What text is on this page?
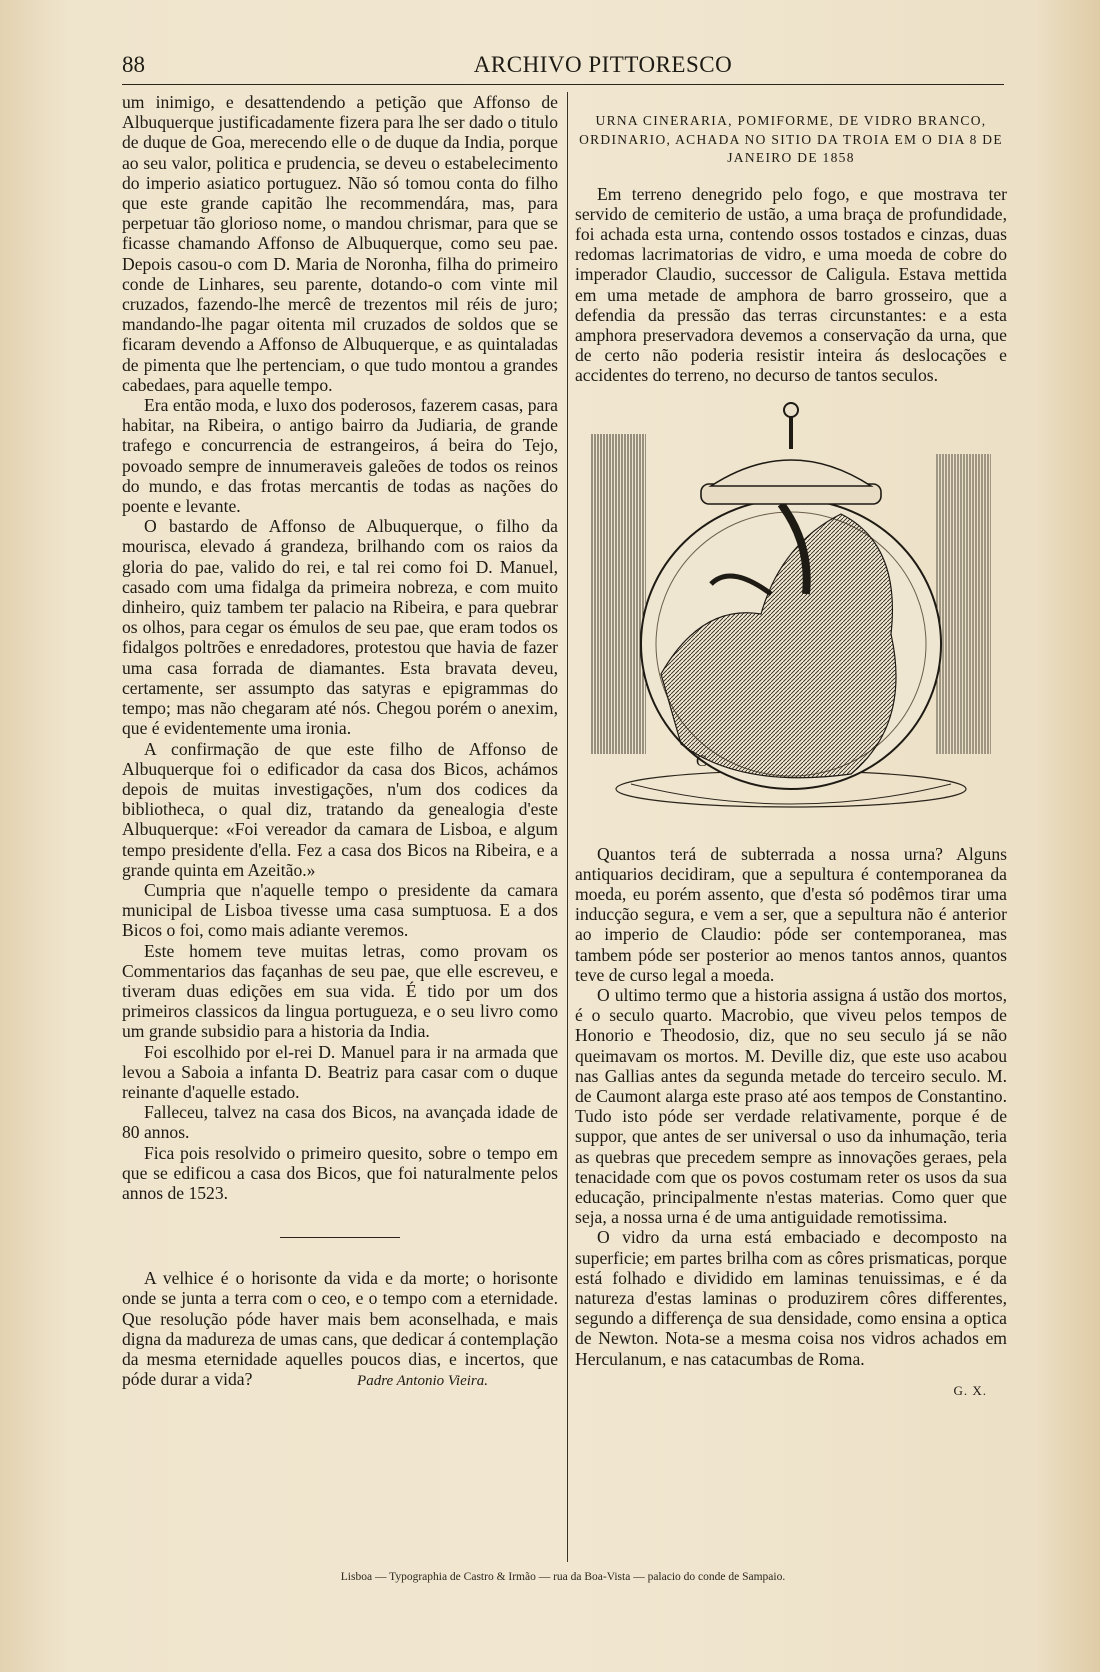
88	ARCHIVO PITTORESCO

um inimigo, e desattendendo a petição que Affonso de Albuquerque justificadamente fizera para lhe ser dado o titulo de duque de Goa, merecendo elle o de duque da India, porque ao seu valor, politica e prudencia, se deveu o estabelecimento do imperio asiatico portuguez. Não só tomou conta do filho que este grande capitão lhe recommendára, mas, para perpetuar tão glorioso nome, o mandou chrismar, para que se ficasse chamando Affonso de Albuquerque, como seu pae. Depois casou-o com D. Maria de Noronha, filha do primeiro conde de Linhares, seu parente, dotando-o com vinte mil cruzados, fazendo-lhe mercê de trezentos mil réis de juro; mandando-lhe pagar oitenta mil cruzados de soldos que se ficaram devendo a Affonso de Albuquerque, e as quintaladas de pimenta que lhe pertenciam, o que tudo montou a grandes cabedaes, para aquelle tempo.

Era então moda, e luxo dos poderosos, fazerem casas, para habitar, na Ribeira, o antigo bairro da Judiaria, de grande trafego e concurrencia de estrangeiros, á beira do Tejo, povoado sempre de innumeraveis galeões de todos os reinos do mundo, e das frotas mercantis de todas as nações do poente e levante.

O bastardo de Affonso de Albuquerque, o filho da mourisca, elevado á grandeza, brilhando com os raios da gloria do pae, valido do rei, e tal rei como foi D. Manuel, casado com uma fidalga da primeira nobreza, e com muito dinheiro, quiz tambem ter palacio na Ribeira, e para quebrar os olhos, para cegar os émulos de seu pae, que eram todos os fidalgos poltrões e enredadores, protestou que havia de fazer uma casa forrada de diamantes. Esta bravata deveu, certamente, ser assumpto das satyras e epigrammas do tempo; mas não chegaram até nós. Chegou porém o anexim, que é evidentemente uma ironia.

A confirmação de que este filho de Affonso de Albuquerque foi o edificador da casa dos Bicos, achámos depois de muitas investigações, n'um dos codices da bibliotheca, o qual diz, tratando da genealogia d'este Albuquerque: «Foi vereador da camara de Lisboa, e algum tempo presidente d'ella. Fez a casa dos Bicos na Ribeira, e a grande quinta em Azeitão.»

Cumpria que n'aquelle tempo o presidente da camara municipal de Lisboa tivesse uma casa sumptuosa. E a dos Bicos o foi, como mais adiante veremos.

Este homem teve muitas letras, como provam os Commentarios das façanhas de seu pae, que elle escreveu, e tiveram duas edições em sua vida. É tido por um dos primeiros classicos da lingua portugueza, e o seu livro como um grande subsidio para a historia da India.

Foi escolhido por el-rei D. Manuel para ir na armada que levou a Saboia a infanta D. Beatriz para casar com o duque reinante d'aquelle estado.

Falleceu, talvez na casa dos Bicos, na avançada idade de 80 annos.

Fica pois resolvido o primeiro quesito, sobre o tempo em que se edificou a casa dos Bicos, que foi naturalmente pelos annos de 1523.

A velhice é o horisonte da vida e da morte; o horisonte onde se junta a terra com o ceo, e o tempo com a eternidade. Que resolução póde haver mais bem aconselhada, e mais digna da madureza de umas cans, que dedicar á contemplação da mesma eternidade aquelles poucos dias, e incertos, que póde durar a vida?	Padre Antonio Vieira.
URNA CINERARIA, POMIFORME, DE VIDRO BRANCO, ORDINARIO, ACHADA NO SITIO DA TROIA EM O DIA 8 DE JANEIRO DE 1858

Em terreno denegrido pelo fogo, e que mostrava ter servido de cemiterio de ustão, a uma braça de profundidade, foi achada esta urna, contendo ossos tostados e cinzas, duas redomas lacrimatorias de vidro, e uma moeda de cobre do imperador Claudio, successor de Caligula. Estava mettida em uma metade de amphora de barro grosseiro, que a defendia da pressão das terras circunstantes: e a esta amphora preservadora devemos a conservação da urna, que de certo não poderia resistir inteira ás deslocações e accidentes do terreno, no decurso de tantos seculos.

C.

Quantos terá de subterrada a nossa urna? Alguns antiquarios decidiram, que a sepultura é contemporanea da moeda, eu porém assento, que d'esta só podêmos tirar uma inducção segura, e vem a ser, que a sepultura não é anterior ao imperio de Claudio: póde ser contemporanea, mas tambem póde ser posterior ao menos tantos annos, quantos teve de curso legal a moeda.

O ultimo termo que a historia assigna á ustão dos mortos, é o seculo quarto. Macrobio, que viveu pelos tempos de Honorio e Theodosio, diz, que no seu seculo já se não queimavam os mortos. M. Deville diz, que este uso acabou nas Gallias antes da segunda metade do terceiro seculo. M. de Caumont alarga este praso até aos tempos de Constantino. Tudo isto póde ser verdade relativamente, porque é de suppor, que antes de ser universal o uso da inhumação, teria as quebras que precedem sempre as innovações geraes, pela tenacidade com que os povos costumam reter os usos da sua educação, principalmente n'estas materias. Como quer que seja, a nossa urna é de uma antiguidade remotissima.

O vidro da urna está embaciado e decomposto na superficie; em partes brilha com as côres prismaticas, porque está folhado e dividido em laminas tenuissimas, e é da natureza d'estas laminas o produzirem côres differentes, segundo a differença de sua densidade, como ensina a optica de Newton. Nota-se a mesma coisa nos vidros achados em Herculanum, e nas catacumbas de Roma.

G. X.
Lisboa — Typographia de Castro & Irmão — rua da Boa-Vista — palacio do conde de Sampaio.
